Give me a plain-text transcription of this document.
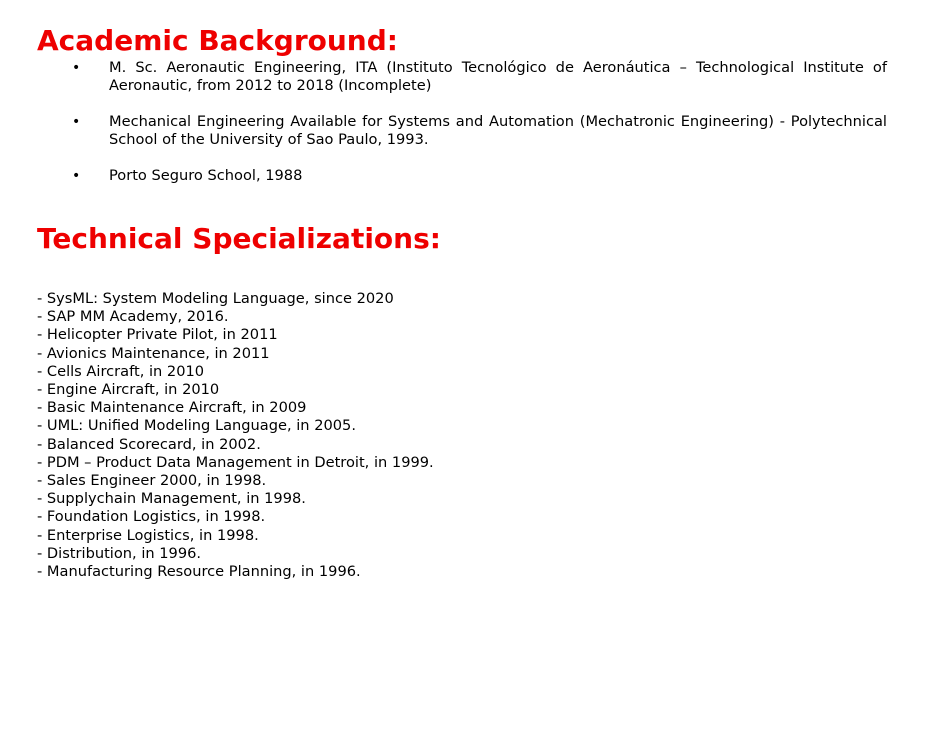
Academic Background:
• M. Sc. Aeronautic Engineering, ITA (Instituto Tecnológico de Aeronáutica – Technological Institute of Aeronautic, from 2012 to 2018 (Incomplete)
• Mechanical Engineering Available for Systems and Automation (Mechatronic Engineering) - Polytechnical School of the University of Sao Paulo, 1993.
• Porto Seguro School, 1988
Technical Specializations:
- SysML: System Modeling Language, since 2020
- SAP MM Academy, 2016.
- Helicopter Private Pilot, in 2011
- Avionics Maintenance, in 2011
- Cells Aircraft, in 2010
- Engine Aircraft, in 2010
- Basic Maintenance Aircraft, in 2009
- UML: Unified Modeling Language, in 2005.
- Balanced Scorecard, in 2002.
- PDM – Product Data Management in Detroit, in 1999.
- Sales Engineer 2000, in 1998.
- Supplychain Management, in 1998.
- Foundation Logistics, in 1998.
- Enterprise Logistics, in 1998.
- Distribution, in 1996.
- Manufacturing Resource Planning, in 1996.
